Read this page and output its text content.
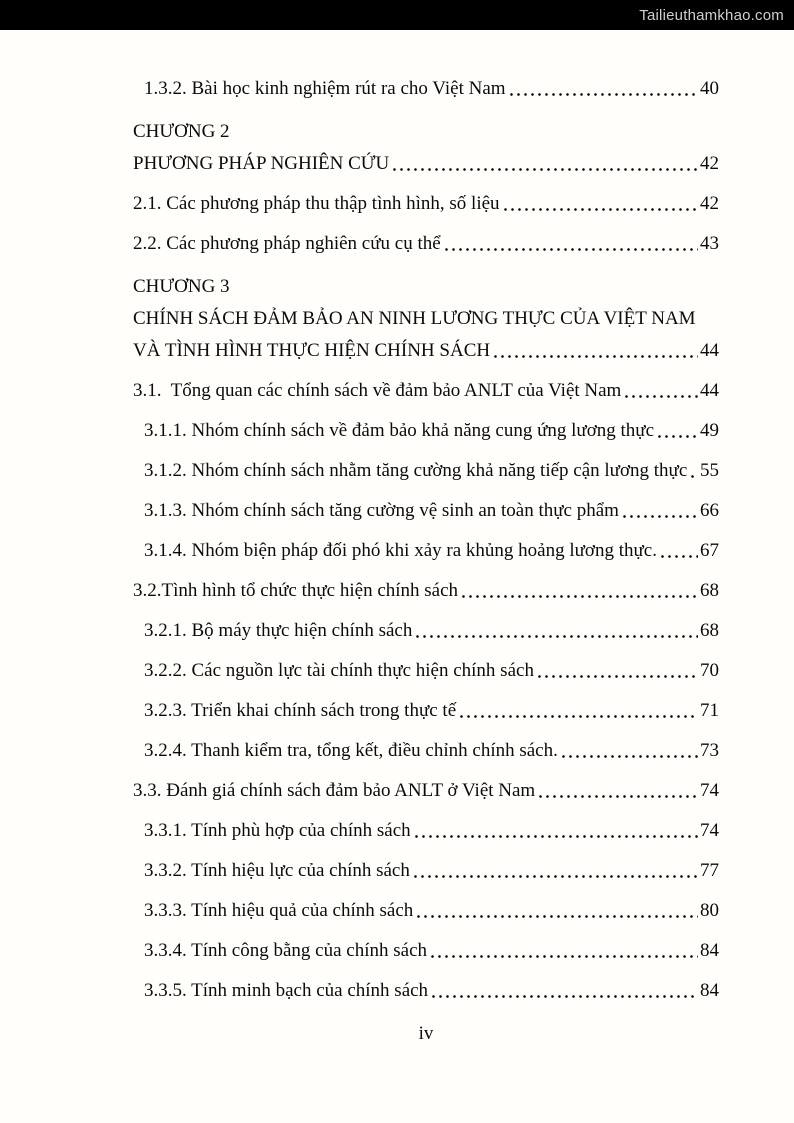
Tailieuthamkhao.com
1.3.2. Bài học kinh nghiệm rút ra cho Việt Nam	40
CHƯƠNG 2
PHƯƠNG PHÁP NGHIÊN CỨU	42
2.1. Các phương pháp thu thập tình hình, số liệu	42
2.2. Các phương pháp nghiên cứu cụ thể	43
CHƯƠNG 3
CHÍNH SÁCH ĐẢM BẢO AN NINH LƯƠNG THỰC CỦA VIỆT NAM
VÀ TÌNH HÌNH THỰC HIỆN CHÍNH SÁCH	44
3.1.  Tổng quan các chính sách về đảm bảo ANLT của Việt Nam	44
3.1.1. Nhóm chính sách về đảm bảo khả năng cung ứng lương thực 49
3.1.2. Nhóm chính sách nhằm tăng cường khả năng tiếp cận lương thực 55
3.1.3. Nhóm chính sách tăng cường vệ sinh an toàn thực phẩm	66
3.1.4. Nhóm biện pháp đối phó khi xảy ra khủng hoảng lương thực. 67
3.2.Tình hình tổ chức thực hiện chính sách	68
3.2.1. Bộ máy thực hiện chính sách	68
3.2.2. Các nguồn lực tài chính thực hiện chính sách	70
3.2.3. Triển khai chính sách trong thực tế	71
3.2.4. Thanh kiểm tra, tổng kết, điều chỉnh chính sách.	73
3.3. Đánh giá chính sách đảm bảo ANLT ở Việt Nam	74
3.3.1. Tính phù hợp của chính sách	74
3.3.2. Tính hiệu lực của chính sách	77
3.3.3. Tính hiệu quả của chính sách	80
3.3.4. Tính công bằng của chính sách	84
3.3.5. Tính minh bạch của chính sách	84
iv
